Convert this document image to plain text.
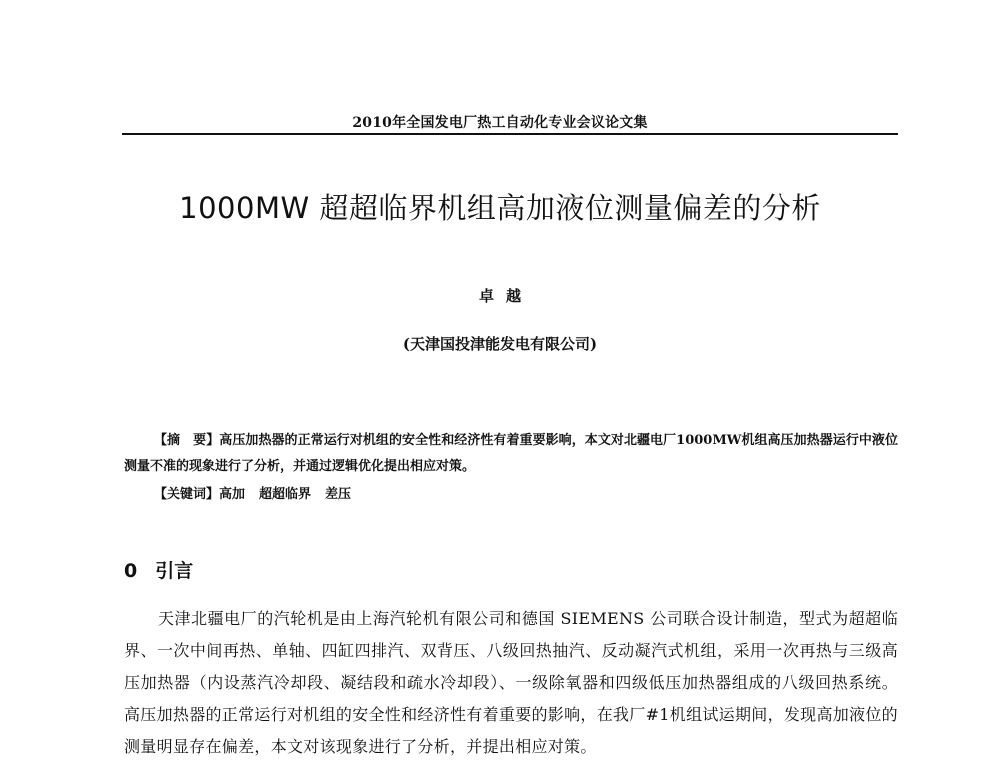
2010年全国发电厂热工自动化专业会议论文集
1000MW 超超临界机组高加液位测量偏差的分析
卓越
(天津国投津能发电有限公司)

【摘　要】高压加热器的正常运行对机组的安全性和经济性有着重要影响，本文对北疆电厂1000MW机组高压加热器运行中液位测量不准的现象进行了分析，并通过逻辑优化提出相应对策。

【关键词】高加 超超临界 差压
0 引言

天津北疆电厂的汽轮机是由上海汽轮机有限公司和德国 SIEMENS 公司联合设计制造，型式为超超临界、一次中间再热、单轴、四缸四排汽、双背压、八级回热抽汽、反动凝汽式机组，采用一次再热与三级高压加热器（内设蒸汽冷却段、凝结段和疏水冷却段）、一级除氧器和四级低压加热器组成的八级回热系统。高压加热器的正常运行对机组的安全性和经济性有着重要的影响，在我厂#1机组试运期间，发现高加液位的测量明显存在偏差，本文对该现象进行了分析，并提出相应对策。
